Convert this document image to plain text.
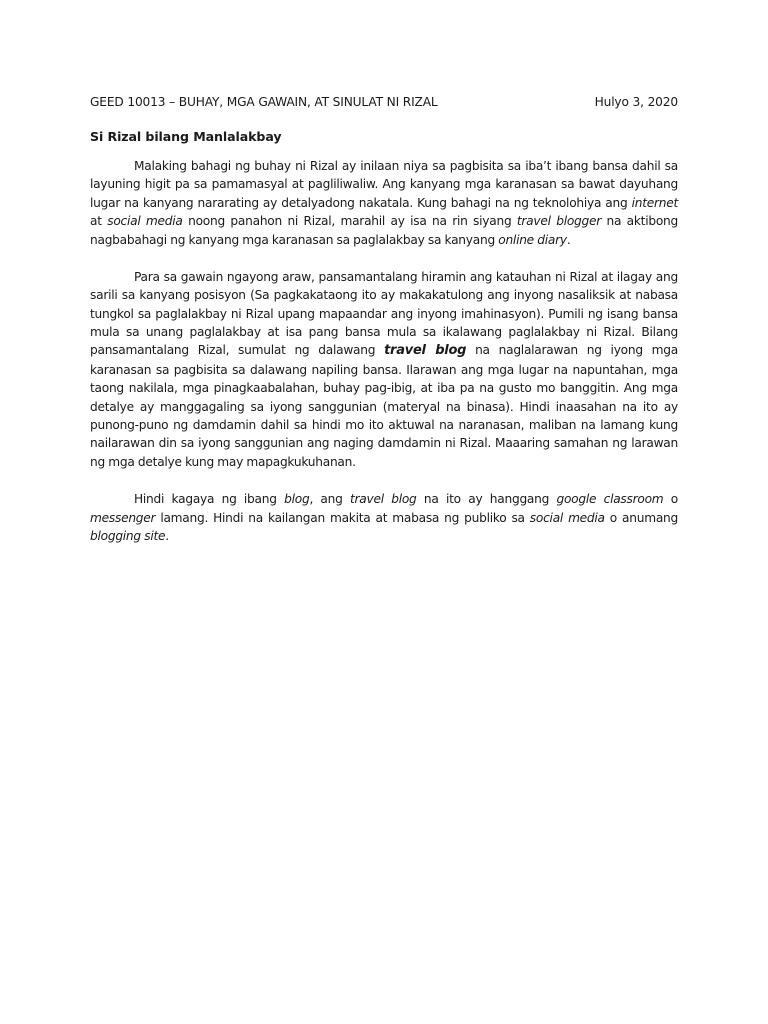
GEED 10013 – BUHAY, MGA GAWAIN, AT SINULAT NI RIZAL	Hulyo 3, 2020
Si Rizal bilang Manlalakbay

Malaking bahagi ng buhay ni Rizal ay inilaan niya sa pagbisita sa iba’t ibang bansa dahil sa layuning higit pa sa pamamasyal at pagliliwaliw. Ang kanyang mga karanasan sa bawat dayuhang lugar na kanyang nararating ay detalyadong nakatala. Kung bahagi na ng teknolohiya ang internet at social media noong panahon ni Rizal, marahil ay isa na rin siyang travel blogger na aktibong nagbabahagi ng kanyang mga karanasan sa paglalakbay sa kanyang online diary.

Para sa gawain ngayong araw, pansamantalang hiramin ang katauhan ni Rizal at ilagay ang sarili sa kanyang posisyon (Sa pagkakataong ito ay makakatulong ang inyong nasaliksik at nabasa tungkol sa paglalakbay ni Rizal upang mapaandar ang inyong imahinasyon). Pumili ng isang bansa mula sa unang paglalakbay at isa pang bansa mula sa ikalawang paglalakbay ni Rizal. Bilang pansamantalang Rizal, sumulat ng dalawang travel blog na naglalarawan ng iyong mga karanasan sa pagbisita sa dalawang napiling bansa. Ilarawan ang mga lugar na napuntahan, mga taong nakilala, mga pinagkaabalahan, buhay pag-ibig, at iba pa na gusto mo banggitin. Ang mga detalye ay manggagaling sa iyong sanggunian (materyal na binasa). Hindi inaasahan na ito ay punong-puno ng damdamin dahil sa hindi mo ito aktuwal na naranasan, maliban na lamang kung nailarawan din sa iyong sanggunian ang naging damdamin ni Rizal. Maaaring samahan ng larawan ng mga detalye kung may mapagkukuhanan.

Hindi kagaya ng ibang blog, ang travel blog na ito ay hanggang google classroom o messenger lamang. Hindi na kailangan makita at mabasa ng publiko sa social media o anumang blogging site.
